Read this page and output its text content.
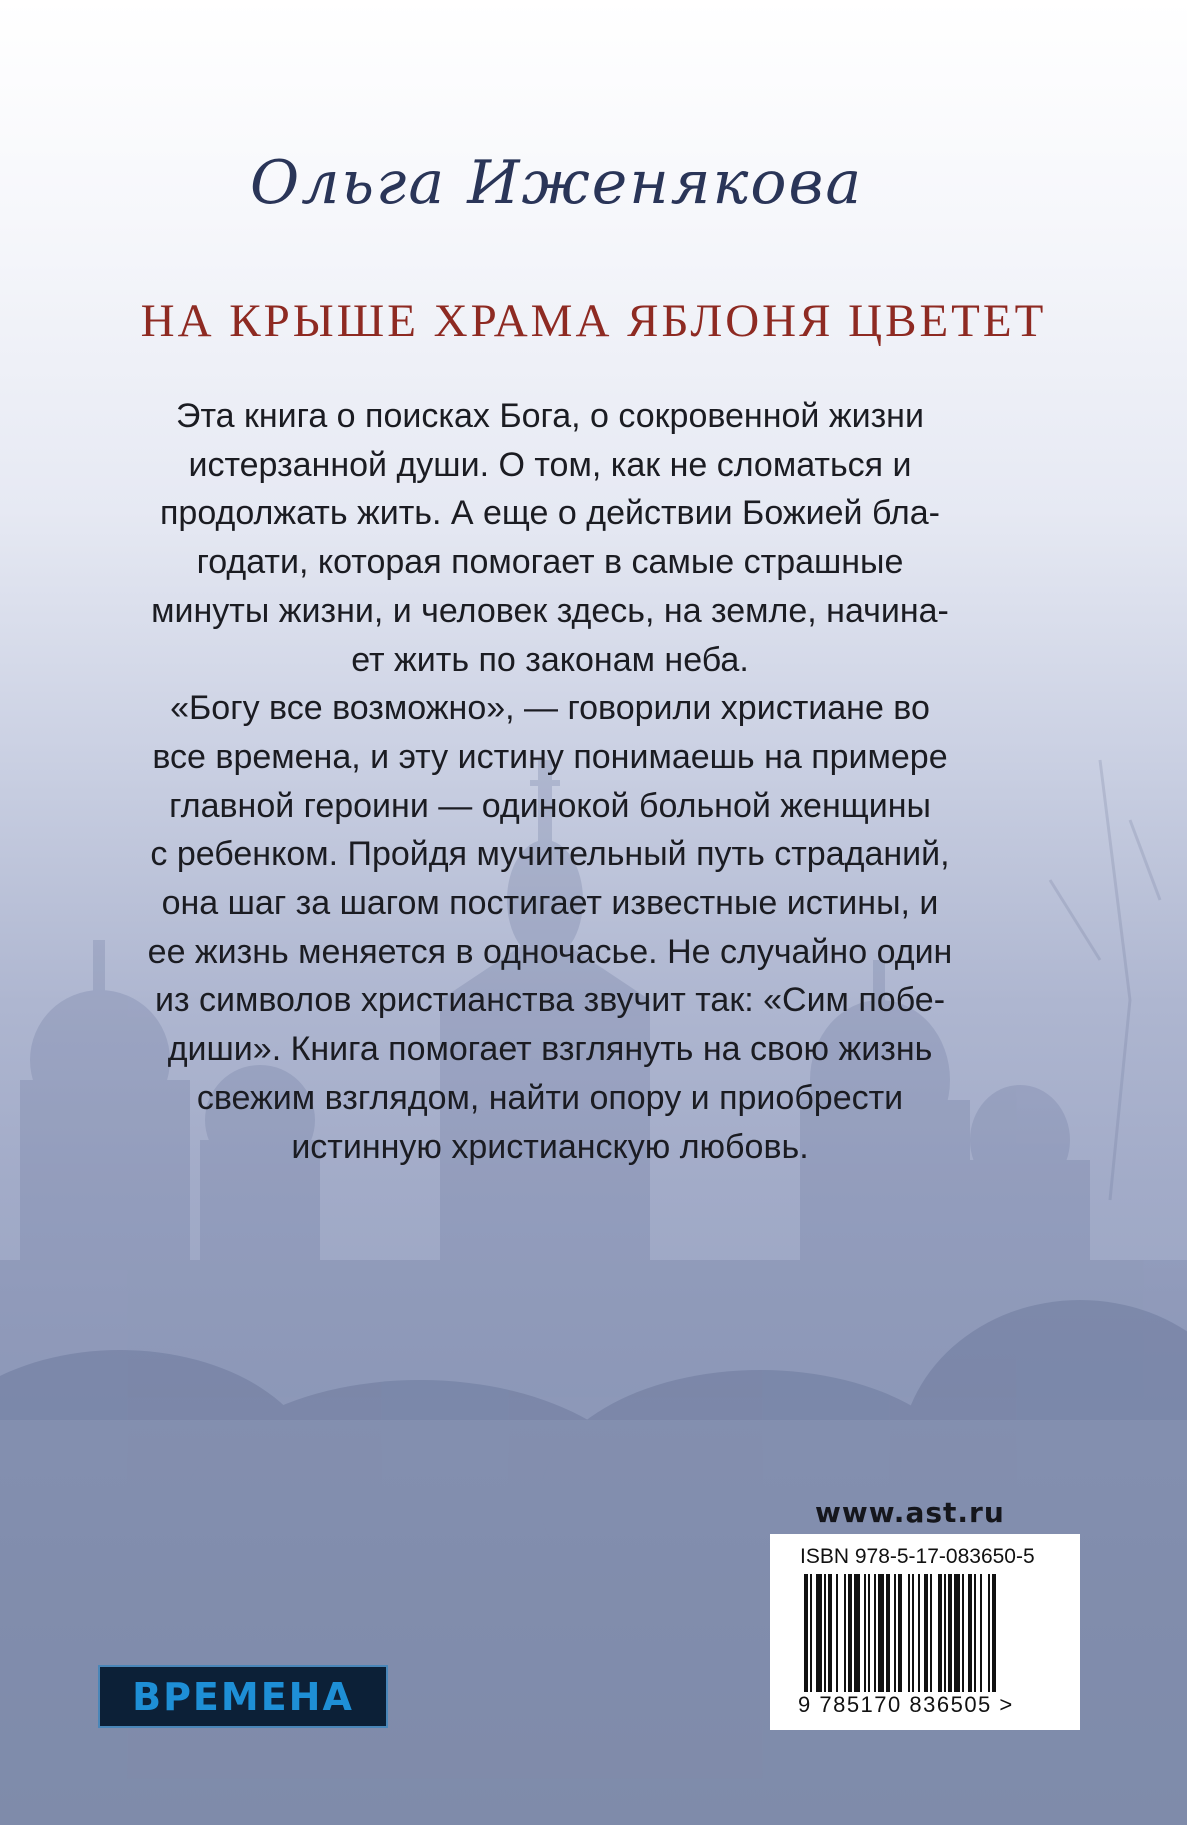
Ольга Иженякова
НА КРЫШЕ ХРАМА ЯБЛОНЯ ЦВЕТЕТ
Эта книга о поисках Бога, о сокровенной жизни
истерзанной души. О том, как не сломаться и
продолжать жить. А еще о действии Божией бла-
годати, которая помогает в самые страшные
минуты жизни, и человек здесь, на земле, начина-
ет жить по законам неба.
«Богу все возможно», — говорили христиане во
все времена, и эту истину понимаешь на примере
главной героини — одинокой больной женщины
с ребенком. Пройдя мучительный путь страданий,
она шаг за шагом постигает известные истины, и
ее жизнь меняется в одночасье. Не случайно один
из символов христианства звучит так: «Сим побе-
диши». Книга помогает взглянуть на свою жизнь
свежим взглядом, найти опору и приобрести
истинную христианскую любовь.
www.ast.ru
ISBN 978-5-17-083650-5
9 785170 836505 >
ВРЕМЕНА
